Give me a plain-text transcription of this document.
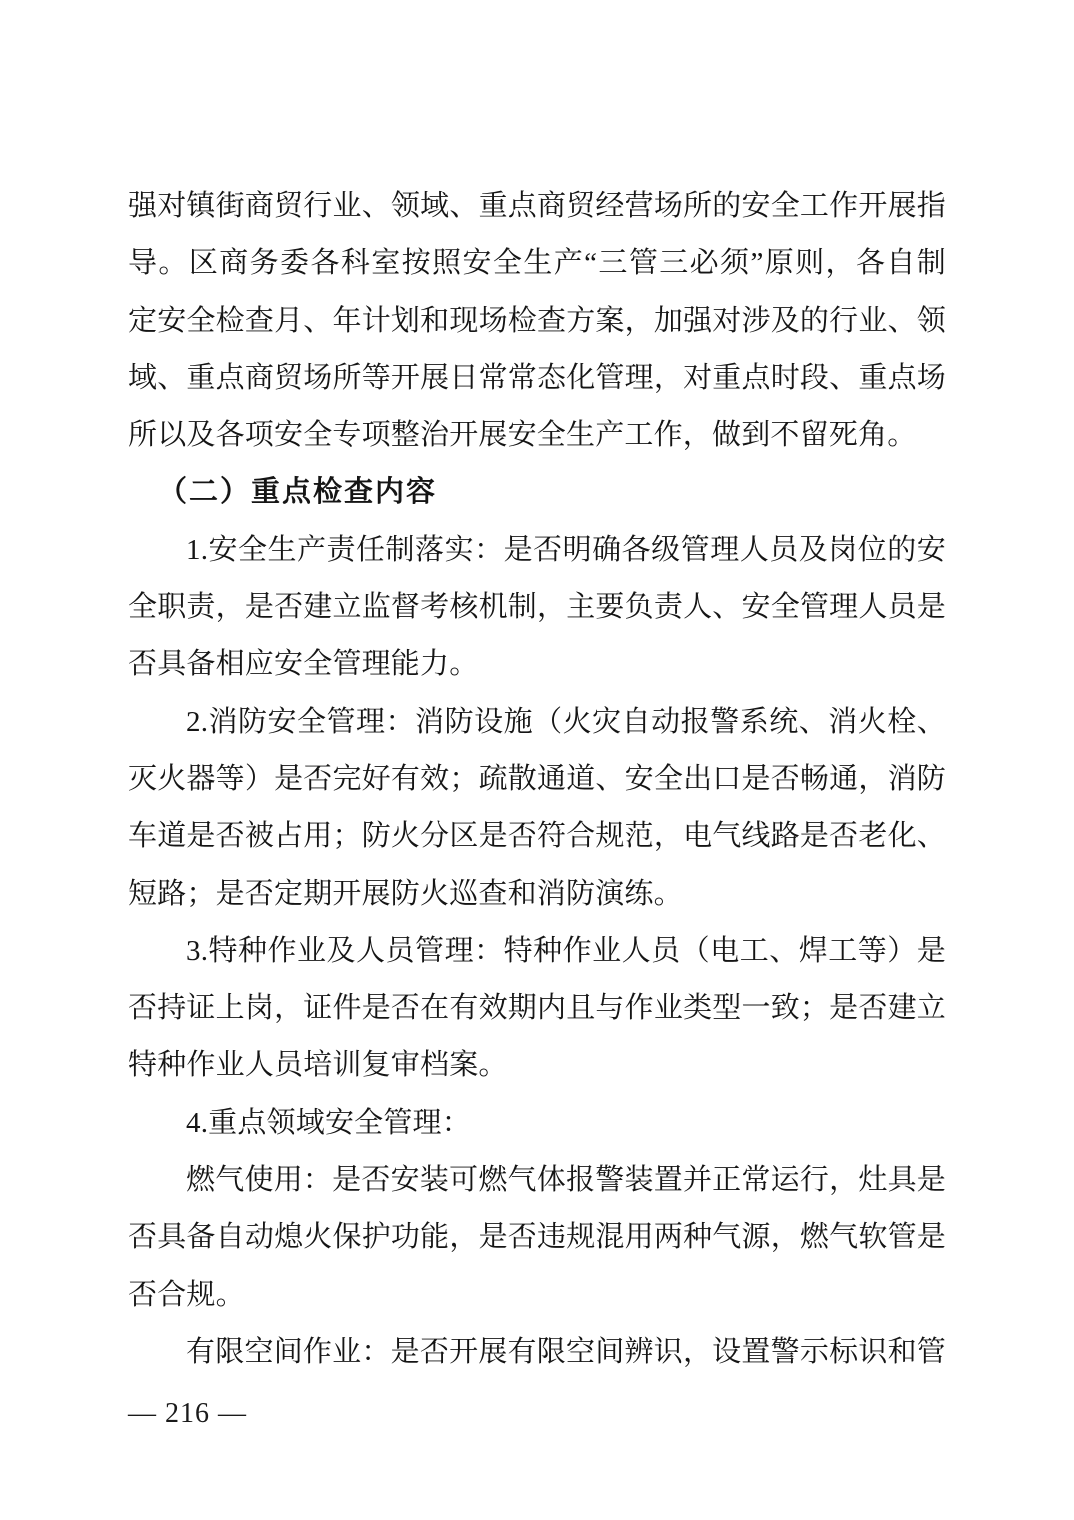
强对镇街商贸行业、领域、重点商贸经营场所的安全工作开展指
导。区商务委各科室按照安全生产“三管三必须”原则，各自制
定安全检查月、年计划和现场检查方案，加强对涉及的行业、领
域、重点商贸场所等开展日常常态化管理，对重点时段、重点场
所以及各项安全专项整治开展安全生产工作，做到不留死角。
（二）重点检查内容
1.安全生产责任制落实：是否明确各级管理人员及岗位的安
全职责，是否建立监督考核机制，主要负责人、安全管理人员是
否具备相应安全管理能力。
2.消防安全管理：消防设施（火灾自动报警系统、消火栓、
灭火器等）是否完好有效；疏散通道、安全出口是否畅通，消防
车道是否被占用；防火分区是否符合规范，电气线路是否老化、
短路；是否定期开展防火巡查和消防演练。
3.特种作业及人员管理：特种作业人员（电工、焊工等）是
否持证上岗，证件是否在有效期内且与作业类型一致；是否建立
特种作业人员培训复审档案。
4.重点领域安全管理：
燃气使用：是否安装可燃气体报警装置并正常运行，灶具是
否具备自动熄火保护功能，是否违规混用两种气源，燃气软管是
否合规。
有限空间作业：是否开展有限空间辨识，设置警示标识和管
— 216 —
